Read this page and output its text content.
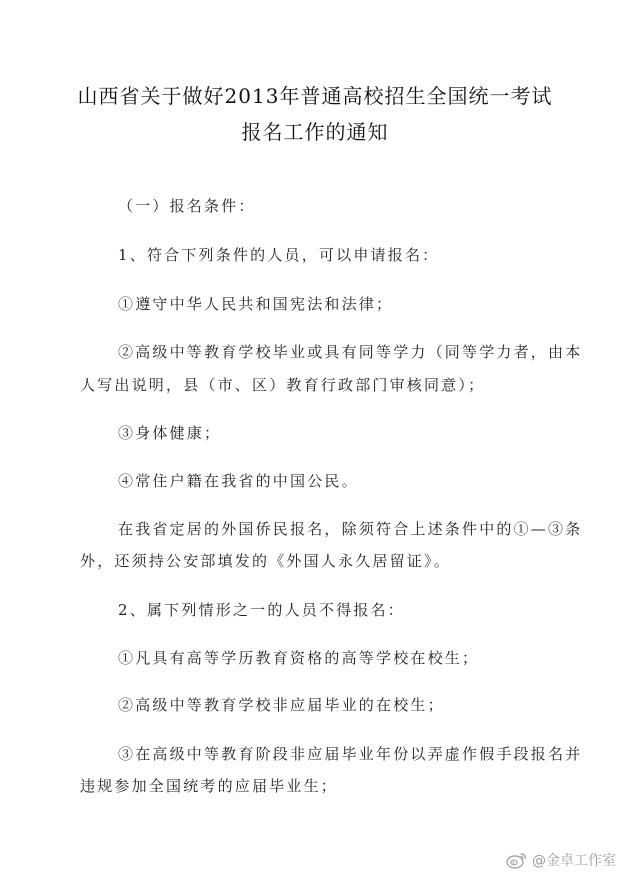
山西省关于做好2013年普通高校招生全国统一考试
报名工作的通知
（一）报名条件：
1、符合下列条件的人员，可以申请报名：
①遵守中华人民共和国宪法和法律；
②高级中等教育学校毕业或具有同等学力（同等学力者，由本
人写出说明，县（市、区）教育行政部门审核同意）；
③身体健康；
④常住户籍在我省的中国公民。
在我省定居的外国侨民报名，除须符合上述条件中的①—③条
外，还须持公安部填发的《外国人永久居留证》。
2、属下列情形之一的人员不得报名：
①凡具有高等学历教育资格的高等学校在校生；
②高级中等教育学校非应届毕业的在校生；
③在高级中等教育阶段非应届毕业年份以弄虚作假手段报名并
违规参加全国统考的应届毕业生；
@金卓工作室
